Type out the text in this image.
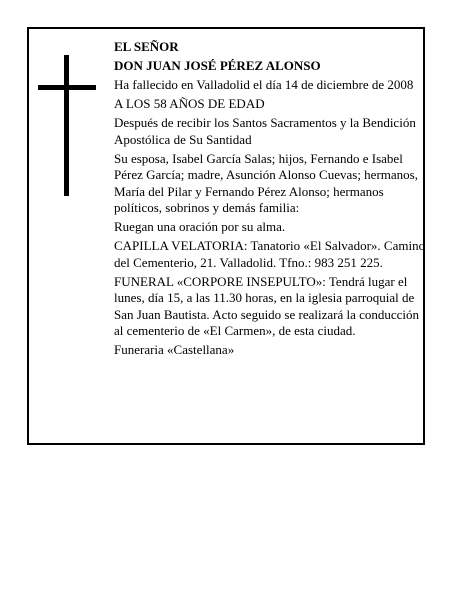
EL SEÑOR

DON JUAN JOSÉ PÉREZ ALONSO

Ha fallecido en Valladolid el día 14 de diciembre de 2008

A LOS 58 AÑOS DE EDAD

Después de recibir los Santos Sacramentos y la Bendición Apostólica de Su Santidad

Su esposa, Isabel García Salas; hijos, Fernando e Isabel Pérez García; madre, Asunción Alonso Cuevas; hermanos, María del Pilar y Fernando Pérez Alonso; hermanos políticos, sobrinos y demás familia:

Ruegan una oración por su alma.

CAPILLA VELATORIA: Tanatorio «El Salvador». Camino del Cementerio, 21. Valladolid. Tfno.: 983 251 225.

FUNERAL «CORPORE INSEPULTO»: Tendrá lugar el lunes, día 15, a las 11.30 horas, en la iglesia parroquial de San Juan Bautista. Acto seguido se realizará la conducción al cementerio de «El Carmen», de esta ciudad.

Funeraria «Castellana»
